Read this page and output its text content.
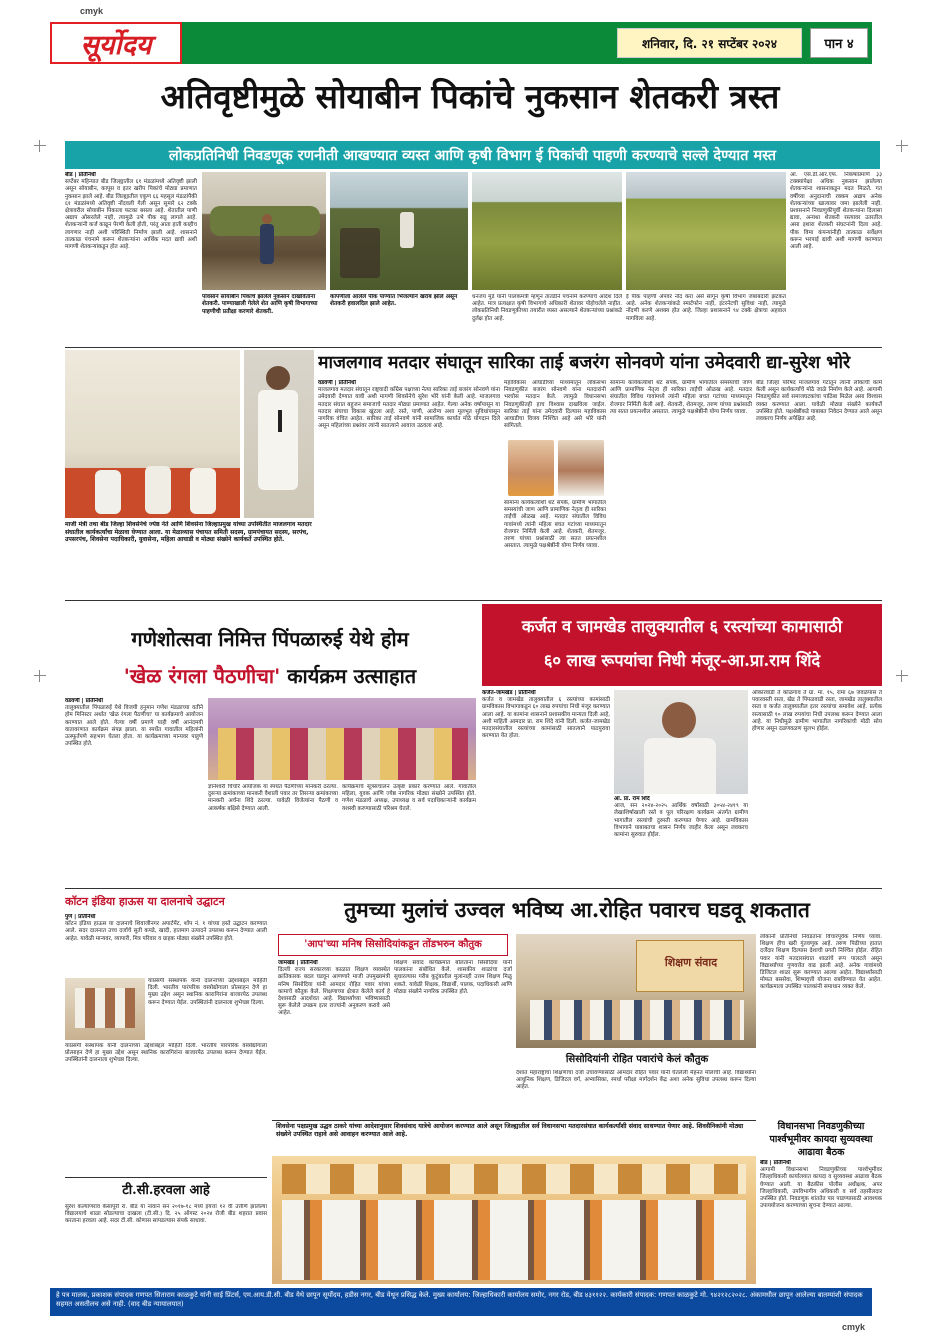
cmyk
cmyk
सूर्योदय	शनिवार, दि. २१ सप्टेंबर २०२४	पान ४
अतिवृष्टीमुळे सोयाबीन पिकांचे नुकसान शेतकरी त्रस्त
लोकप्रतिनिधी निवडणूक रणनीती आखण्यात व्यस्त आणि कृषी विभाग ई पिकांची पाहणी करण्याचे सल्ले देण्यात मस्त
बीड | प्रतिनिधी
सप्टेंबर महिन्यात बीड जिल्ह्यातील ६१ मंडळांमध्ये अतिवृष्टी झाली असून सोयाबीन, कापूस व इतर खरीप पिकांचे मोठ्या प्रमाणात नुकसान झाले आहे. बीड जिल्ह्यातील एकूण ६६ महसूल मंडळांपैकी ६१ मंडळांमध्ये अतिवृष्टी नोंदवली गेली असून सुमारे ६२ टक्के क्षेत्रावरील सोयाबीन पिकाला फटका बसला आहे. शेतातील पाणी अद्याप ओसरलेले नाही, त्यामुळे उभे पीक सडू लागले आहे. शेतकऱ्यांनी कर्ज काढून पेरणी केली होती, परंतु आता हाती काहीच लागणार नाही अशी परिस्थिती निर्माण झाली आहे. शासनाने तात्काळ पंचनामे करून शेतकऱ्यांना आर्थिक मदत द्यावी अशी मागणी शेतकऱ्यांकडून होत आहे.
पावसाने सोयाबीन पिकाचे झालेले नुकसान दाखविताना शेतकरी. पाण्याखाली गेलेले शेत आणि कृषी विभागाच्या पाहणीची प्रतीक्षा करणारे शेतकरी.
कापणीला आलेले पीक पाण्यात भिजल्याने खराब झाले असून शेतकरी हवालदिल झाले आहेत.
धनंजय मुंडे यांनी पालकमंत्री म्हणून तातडीने पंचनामे करण्याचे आदेश दिले आहेत. मात्र प्रत्यक्षात कृषी विभागाचे अधिकारी शेतावर पोहोचलेले नाहीत. लोकप्रतिनिधी निवडणुकीच्या तयारीत व्यस्त असल्याने शेतकऱ्यांच्या प्रश्नांकडे दुर्लक्ष होत आहे.
ई पीक पाहणी ॲपवर नोंद करा असे सांगून कृषी विभाग जबाबदारी झटकत आहे. अनेक शेतकऱ्यांकडे स्मार्टफोन नाही, इंटरनेटची सुविधा नाही, त्यामुळे नोंदणी करणे अशक्य होत आहे. जिल्हा प्रशासनाने ९४ टक्के क्षेत्राचा अहवाल मागविला आहे.
आ. एस.डी.आर.एफ. निकषाप्रमाणे ३३ टक्क्यांपेक्षा अधिक नुकसान झालेल्या शेतकऱ्यांना शासनाकडून मदत मिळते. गत वर्षीच्या अनुदानाची रक्कम अद्याप अनेक शेतकऱ्यांच्या खात्यावर जमा झालेली नाही. प्रशासनाने निवडणुकीपूर्वी शेतकऱ्यांना दिलासा द्यावा, अन्यथा शेतकरी रस्त्यावर उतरतील असा इशारा शेतकरी संघटनांनी दिला आहे. पीक विमा कंपन्यांनीही तात्काळ सर्वेक्षण करून भरपाई द्यावी अशी मागणी करण्यात आली आहे.
माजलगाव मतदार संघातून सारिका ताई बजरंग सोनवणे यांना उमेदवारी द्या-सुरेश भोरे
माजी मंत्री तथा बीड जिल्हा शिवसेनेचे ज्येष्ठ नेते आणि शिवसेना जिल्हाप्रमुख यांच्या उपस्थितीत माजलगाव मतदार संघातील कार्यकर्त्यांचा मेळावा घेण्यात आला. या मेळाव्यास पंचायत समिती सदस्य, ग्रामपंचायत सदस्य, सरपंच, उपसरपंच, शिवसेना पदाधिकारी, युवासेना, महिला आघाडी व मोठ्या संख्येने कार्यकर्ते उपस्थित होते.
वडवणी | प्रतिनिधी
माजलगाव मतदार संघातून राष्ट्रवादी काँग्रेस पक्षाच्या नेत्या सारिका ताई बजरंग सोनवणे यांना उमेदवारी देण्यात यावी अशी मागणी शिवसेनेचे सुरेश भोरे यांनी केली आहे. माजलगाव मतदार संघात बहुजन समाजाचे मतदार मोठ्या प्रमाणात आहेत. गेल्या अनेक वर्षांपासून या मतदार संघाचा विकास खुंटला आहे. रस्ते, पाणी, आरोग्य अशा मूलभूत सुविधांपासून नागरिक वंचित आहेत. सारिका ताई सोनवणे यांनी सामाजिक कार्यात मोठे योगदान दिले असून महिलांच्या प्रश्नांवर त्यांनी सातत्याने आवाज उठवला आहे.
महाविकास आघाडीच्या माध्यमातून लोकसभा निवडणुकीत बजरंग सोनवणे यांना मतदारांनी भरघोस मतदान केले. त्यामुळे विधानसभा निवडणुकीतही हाच विश्वास दाखविला जाईल. सारिका ताई यांना उमेदवारी दिल्यास महाविकास आघाडीचा विजय निश्चित आहे असे भोरे यांनी सांगितले.
सामान्य कार्यकर्त्यांशी थेट संपर्क, ग्रामीण भागातील समस्यांची जाण आणि प्रामाणिक नेतृत्व ही सारिका ताईंची ओळख आहे. मतदार संघातील विविध गावांमध्ये त्यांनी महिला बचत गटांच्या माध्यमातून रोजगार निर्मिती केली आहे. शेतकरी, शेतमजूर, तरुण यांच्या प्रश्नांसाठी त्या सतत प्रयत्नशील असतात. त्यामुळे पक्षश्रेष्ठींनी योग्य निर्णय घ्यावा.
सामान्य कार्यकर्त्यांशी थेट संपर्क, ग्रामीण भागातील समस्यांची जाण आणि प्रामाणिक नेतृत्व ही सारिका ताईंची ओळख आहे. मतदार संघातील विविध गावांमध्ये त्यांनी महिला बचत गटांच्या माध्यमातून रोजगार निर्मिती केली आहे. शेतकरी, शेतमजूर, तरुण यांच्या प्रश्नांसाठी त्या सतत प्रयत्नशील असतात. त्यामुळे पक्षश्रेष्ठींनी योग्य निर्णय घ्यावा.
बीड जिल्हा परिषद माजलगाव गटातून त्यांनी लोकांची कामे केली असून कार्यकर्त्यांचे मोठे जाळे निर्माण केले आहे. आगामी निवडणुकीत सर्व समाजघटकांचा पाठिंबा मिळेल असा विश्वास व्यक्त करण्यात आला. यावेळी मोठ्या संख्येने कार्यकर्ते उपस्थित होते. पक्षश्रेष्ठींकडे याबाबत निवेदन देण्यात आले असून लवकरच निर्णय अपेक्षित आहे.
गणेशोत्सवा निमित्त पिंपळारुई येथे होम
'खेळ रंगला पैठणीचा' कार्यक्रम उत्साहात
वडवणी | प्रतिनिधी
तालुक्यातील पिंपळारुई येथे विजयी हनुमान गणेश मंडळाच्या वतीने होम मिनिस्टर अर्थात 'खेळ रंगला पैठणीचा' या कार्यक्रमाचे आयोजन करण्यात आले होते. गेल्या वर्षी प्रमाणे याही वर्षी आनंदमयी वातावरणात कार्यक्रम संपन्न झाला. या स्पर्धेत गावातील महिलांनी उत्स्फूर्तपणे सहभाग घेतला होता. या कार्यक्रमाच्या मान्यवर पाहुणे उपस्थित होते.
ज्ञानेश्वरी चिंचोरे आयोजक या स्पर्धेत पैठणीच्या मानकरी ठरल्या. दुसऱ्या क्रमांकाच्या मानकरी वैशाली पवार तर तिसऱ्या क्रमांकाच्या मानकरी अर्चना शिंदे ठरल्या. यावेळी विजेत्यांना पैठणी व आकर्षक बक्षिसे देण्यात आली.
कार्यक्रमाचे सूत्रसंचालन उत्कृष्ट प्रकारे करण्यात आले. गावातील महिला, युवक आणि ज्येष्ठ नागरिक मोठ्या संख्येने उपस्थित होते. गणेश मंडळाचे अध्यक्ष, उपाध्यक्ष व सर्व पदाधिकाऱ्यांनी कार्यक्रम यशस्वी करण्यासाठी परिश्रम घेतले.
कर्जत व जामखेड तालुक्यातील ६ रस्त्यांच्या कामासाठी
६० लाख रूपयांचा निधी मंजूर-आ.प्रा.राम शिंदे
कर्जत-जामखेड | प्रतिनिधी
कर्जत व जामखेड तालुक्यातील ६ रस्त्यांच्या कामांसाठी ग्रामविकास विभागाकडून ६० लाख रुपयांचा निधी मंजूर करण्यात आला आहे. या कामांना शासनाने प्रशासकीय मान्यता दिली आहे, अशी माहिती आमदार प्रा. राम शिंदे यांनी दिली. कर्जत-जामखेड मतदारसंघातील रस्त्यांच्या कामांसाठी सातत्याने पाठपुरावा करण्यात येत होता.
आ. प्रा. राम शिंदे
आज, सन २०२४-२०२५ आर्थिक वर्षासाठी ३०५४-२४१९ या लेखाशिर्षाखाली रस्ते व पूल परिरक्षण कार्यक्रम अंतर्गत ग्रामीण भागातील रस्त्यांची दुरुस्ती करण्यात येणार आहे. ग्रामविकास विभागाने याबाबतचा शासन निर्णय जाहीर केला असून लवकरच कामांना सुरुवात होईल.
ओंकारवाडी ते कोळगाव ते ग्रा. मा. १५, रामा ६७ जवळपास ते पवारवस्ती रस्ता, खेड ते पिंपळवाडी रस्ता, जामखेड तालुक्यातील रस्ता व कर्जत तालुक्यातील इतर रस्त्यांचा समावेश आहे. प्रत्येक रस्त्यासाठी १० लाख रुपयांचा निधी उपलब्ध करून देण्यात आला आहे. या निधीमुळे ग्रामीण भागातील नागरिकांची मोठी सोय होणार असून दळणवळण सुलभ होईल.
कॉटन इंडिया हाऊस या दालनाचे उद्घाटन
पुणे | प्रतिनिधी
कॉटन इंडिया हाऊस या दालनाचे शिवाजीनगर अपार्टमेंट, शॉप नं. १ यांच्या हस्ते उद्घाटन करण्यात आले. सदर दालनात उच्च दर्जाचे सुती कपडे, खादी, हातमाग उत्पादने उपलब्ध करून देण्यात आली आहेत. यावेळी मान्यवर, व्यापारी, मित्र परिवार व ग्राहक मोठ्या संख्येने उपस्थित होते.
याप्रसंगी संस्थापक यांनी दालनाच्या उद्देशाबद्दल माहिती दिली. भारतीय पारंपरिक वस्त्रोद्योगाला प्रोत्साहन देणे हा मुख्य उद्देश असून स्थानिक कारागिरांना बाजारपेठ उपलब्ध करून देण्यात येईल. उपस्थितांनी दालनाला शुभेच्छा दिल्या.
याप्रसंगी संस्थापक यांनी दालनाच्या उद्देशाबद्दल माहिती दिली. भारतीय पारंपरिक वस्त्रोद्योगाला प्रोत्साहन देणे हा मुख्य उद्देश असून स्थानिक कारागिरांना बाजारपेठ उपलब्ध करून देण्यात येईल. उपस्थितांनी दालनाला शुभेच्छा दिल्या.
तुमच्या मुलांचं उज्वल भविष्य आ.रोहित पवारच घडवू शकतात
'आप'च्या मनिष सिसोदियांकडून तोंडभरुन कौतुक
जामखेड | प्रतिनिधी
दिल्ली राज्य सरकारच्या काळात शिक्षण व्यवस्थेत क्रांतिकारक बदल घडवून आणणारे माजी उपमुख्यमंत्री मनिष सिसोदिया यांनी आमदार रोहित पवार यांच्या कामाचे कौतुक केले. शिक्षणाच्या क्षेत्रात केलेले कार्य हे देशासाठी आदर्शवत आहे. विद्यार्थ्यांच्या भविष्यासाठी सुरू केलेले उपक्रम इतर राज्यांनी अनुकरण करावे असे आहेत.
शिक्षण संवाद कार्यक्रमात बोलताना सिसोदिया यांनी पालकांना संबोधित केले. शासकीय शाळांचा दर्जा सुधारल्यास गरीब कुटुंबातील मुलांनाही उत्तम शिक्षण मिळू शकते. यावेळी शिक्षक, विद्यार्थी, पालक, पदाधिकारी आणि मोठ्या संख्येने नागरिक उपस्थित होते.
शिक्षण संवाद
सिसोदियांनी रोहित पवारांचे केलं कौतुक
देशात महाराष्ट्राचा शिक्षणाचा दर्जा उंचावण्यासाठी आमदार रोहित पवार यांनी घेतलेली मेहनत मोलाची आहे. विद्यार्थ्यांना आधुनिक शिक्षण, डिजिटल वर्ग, अभ्यासिका, स्पर्धा परीक्षा मार्गदर्शन केंद्र अशा अनेक सुविधा उपलब्ध करून दिल्या आहेत.
लोकांनी प्रतिनिधी निवडताना विचारपूर्वक निर्णय घ्यावा. शिक्षण हीच खरी गुंतवणूक आहे. तरुण पिढीच्या हातात दर्जेदार शिक्षण दिल्यास देशाची प्रगती निश्चित होईल. रोहित पवार यांनी मतदारसंघात शाळांचे रूप पालटले असून विद्यार्थ्यांच्या गुणवत्तेत वाढ झाली आहे. अनेक गावांमध्ये डिजिटल शाळा सुरू करण्यात आल्या आहेत. विद्यार्थ्यांसाठी मोफत बससेवा, शिष्यवृत्ती योजना राबविण्यात येत आहेत. कार्यक्रमाला उपस्थित पालकांनी समाधान व्यक्त केले.
टी.सी.हरवला आहे
सुरेश कल्याणराव केसापुरी रा. बीड या नावाने सन २०१७-१८ मध्ये इयत्ता १२ वी उत्तीर्ण झालेल्या विद्यालयाचे शाळा सोडल्याचा दाखला (टी.सी.) दि. २५ ऑगस्ट २०२४ रोजी बीड शहरात प्रवास करताना हरवला आहे. सदर टी.सी. कोणास सापडल्यास संपर्क साधावा.
शिवसेना पक्षप्रमुख उद्धव ठाकरे यांच्या आदेशानुसार शिवसंवाद यात्रेचे आयोजन करण्यात आले असून जिल्ह्यातील सर्व विधानसभा मतदारसंघात कार्यकर्त्यांशी संवाद साधण्यात येणार आहे. शिवसैनिकांनी मोठ्या संख्येने उपस्थित राहावे असे आवाहन करण्यात आले आहे.
विधानसभा निवडणुकीच्या पार्श्वभूमीवर कायदा सुव्यवस्था आढावा बैठक
बीड | प्रतिनिधी
आगामी विधानसभा निवडणुकीच्या पार्श्वभूमीवर जिल्हाधिकारी कार्यालयात कायदा व सुव्यवस्था आढावा बैठक घेण्यात आली. या बैठकीस पोलीस अधीक्षक, अपर जिल्हाधिकारी, उपविभागीय अधिकारी व सर्व तहसीलदार उपस्थित होते. निवडणूक शांततेत पार पाडण्यासाठी आवश्यक उपाययोजना करण्याच्या सूचना देण्यात आल्या.
हे पत्र मालक, प्रकाशक संपादक गणपत सिताराम काळकुटे यांनी साई प्रिंटर्स, एम.आय.डी.सी. बीड येथे छापून सूर्योदय, हडीस नगर, बीड येथून प्रसिद्ध केले. मुख्य कार्यालय: जिल्हाधिकारी कार्यालय समोर, नगर रोड, बीड ४३११२२. कार्यकारी संपादक: गणपत काळकुटे मो. ९४२१२८२०२८. अंकामधील छापून आलेल्या बातम्यांशी संपादक सहमत असतीलच असे नाही. (वाद बीड न्यायालयात)
